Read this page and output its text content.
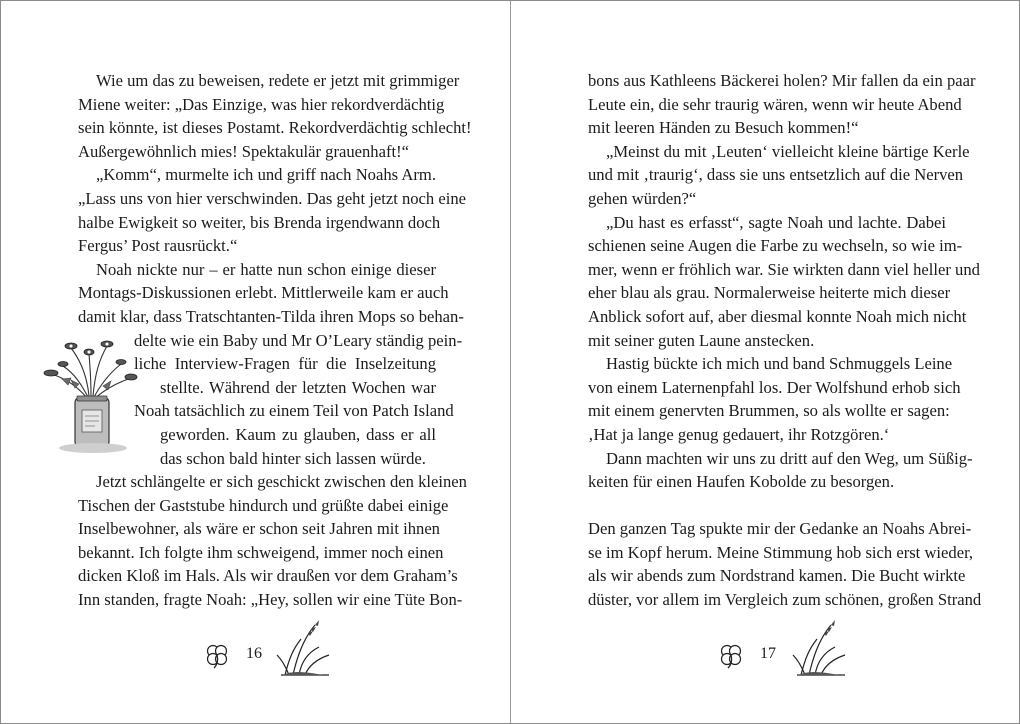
Wie um das zu beweisen, redete er jetzt mit grimmiger
Miene weiter: „Das Einzige, was hier rekordverdächtig
sein könnte, ist dieses Postamt. Rekordverdächtig schlecht!
Außergewöhnlich mies! Spektakulär grauenhaft!“
„Komm“, murmelte ich und griff nach Noahs Arm.
„Lass uns von hier verschwinden. Das geht jetzt noch eine
halbe Ewigkeit so weiter, bis Brenda irgendwann doch
Fergus’ Post rausrückt.“
Noah nickte nur – er hatte nun schon einige dieser
Montags-Diskussionen erlebt. Mittlerweile kam er auch
damit klar, dass Tratschtanten-Tilda ihren Mops so behan-
delte wie ein Baby und Mr O’Leary ständig pein-
liche Interview-Fragen für die Inselzeitung
stellte. Während der letzten Wochen war
Noah tatsächlich zu einem Teil von Patch Island
geworden. Kaum zu glauben, dass er all
das schon bald hinter sich lassen würde.
Jetzt schlängelte er sich geschickt zwischen den kleinen
Tischen der Gaststube hindurch und grüßte dabei einige
Inselbewohner, als wäre er schon seit Jahren mit ihnen
bekannt. Ich folgte ihm schweigend, immer noch einen
dicken Kloß im Hals. Als wir draußen vor dem Graham’s
Inn standen, fragte Noah: „Hey, sollen wir eine Tüte Bon-
16
bons aus Kathleens Bäckerei holen? Mir fallen da ein paar
Leute ein, die sehr traurig wären, wenn wir heute Abend
mit leeren Händen zu Besuch kommen!“
„Meinst du mit ‚Leuten‘ vielleicht kleine bärtige Kerle
und mit ‚traurig‘, dass sie uns entsetzlich auf die Nerven
gehen würden?“
„Du hast es erfasst“, sagte Noah und lachte. Dabei
schienen seine Augen die Farbe zu wechseln, so wie im-
mer, wenn er fröhlich war. Sie wirkten dann viel heller und
eher blau als grau. Normalerweise heiterte mich dieser
Anblick sofort auf, aber diesmal konnte Noah mich nicht
mit seiner guten Laune anstecken.
Hastig bückte ich mich und band Schmuggels Leine
von einem Laternenpfahl los. Der Wolfshund erhob sich
mit einem genervten Brummen, so als wollte er sagen:
‚Hat ja lange genug gedauert, ihr Rotzgören.‘
Dann machten wir uns zu dritt auf den Weg, um Süßig-
keiten für einen Haufen Kobolde zu besorgen.
Den ganzen Tag spukte mir der Gedanke an Noahs Abrei-
se im Kopf herum. Meine Stimmung hob sich erst wieder,
als wir abends zum Nordstrand kamen. Die Bucht wirkte
düster, vor allem im Vergleich zum schönen, großen Strand
17
